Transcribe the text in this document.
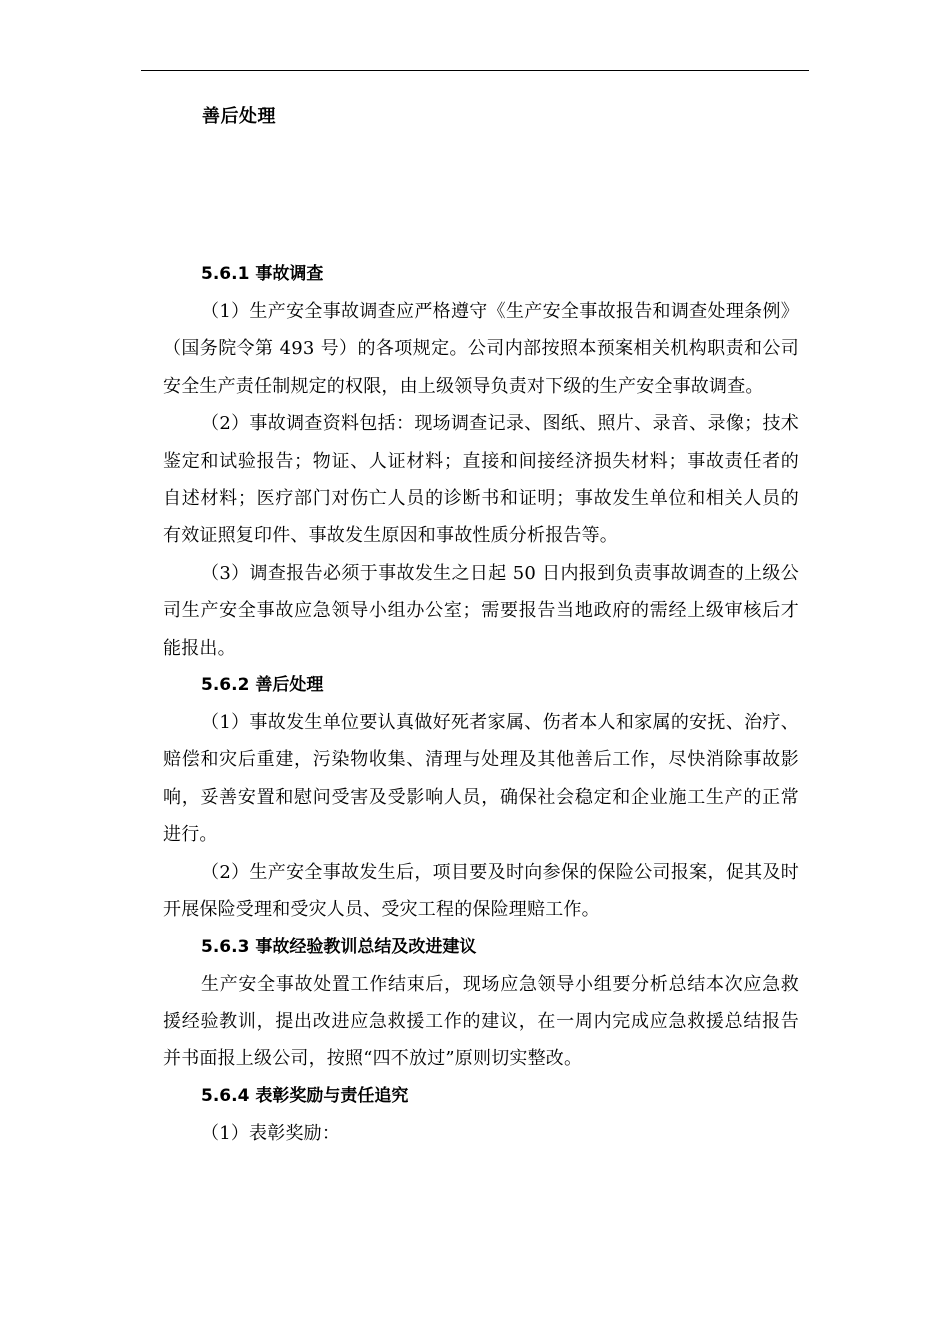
善后处理
5.6.1 事故调查

（1）生产安全事故调查应严格遵守《生产安全事故报告和调查处理条例》（国务院令第 493 号）的各项规定。公司内部按照本预案相关机构职责和公司安全生产责任制规定的权限，由上级领导负责对下级的生产安全事故调查。

（2）事故调查资料包括：现场调查记录、图纸、照片、录音、录像；技术鉴定和试验报告；物证、人证材料；直接和间接经济损失材料；事故责任者的自述材料；医疗部门对伤亡人员的诊断书和证明；事故发生单位和相关人员的有效证照复印件、事故发生原因和事故性质分析报告等。

（3）调查报告必须于事故发生之日起 50 日内报到负责事故调查的上级公司生产安全事故应急领导小组办公室；需要报告当地政府的需经上级审核后才能报出。

5.6.2 善后处理

（1）事故发生单位要认真做好死者家属、伤者本人和家属的安抚、治疗、赔偿和灾后重建，污染物收集、清理与处理及其他善后工作，尽快消除事故影响，妥善安置和慰问受害及受影响人员，确保社会稳定和企业施工生产的正常进行。

（2）生产安全事故发生后，项目要及时向参保的保险公司报案，促其及时开展保险受理和受灾人员、受灾工程的保险理赔工作。

5.6.3 事故经验教训总结及改进建议

生产安全事故处置工作结束后，现场应急领导小组要分析总结本次应急救援经验教训，提出改进应急救援工作的建议，在一周内完成应急救援总结报告并书面报上级公司，按照“四不放过”原则切实整改。

5.6.4 表彰奖励与责任追究

（1）表彰奖励：
